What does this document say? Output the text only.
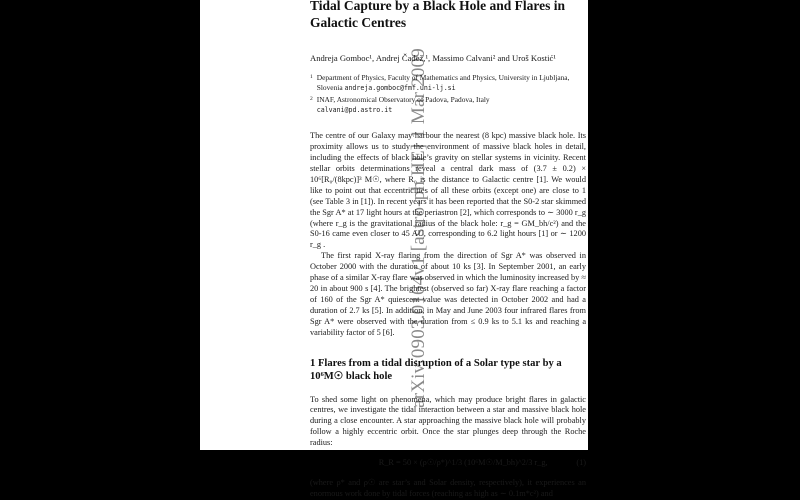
arXiv:0903.0164v1 [astro-ph.HE] 1 Mar 2009
Tidal Capture by a Black Hole and Flares in
Galactic Centres
Andreja Gomboc¹, Andrej Čadež,¹, Massimo Calvani² and Uroš Kostić¹
1 Department of Physics, Faculty of Mathematics and Physics, University in Ljubljana, Slovenia andreja.gomboc@fmf.uni-lj.si
2 INAF, Astronomical Observatory of Padova, Padova, Italy
calvani@pd.astro.it

The centre of our Galaxy may harbour the nearest (8 kpc) massive black hole. Its proximity allows us to study the environment of massive black holes in detail, including the effects of black hole’s gravity on stellar systems in vicinity. Recent stellar orbits determinations reveal a central dark mass of (3.7 ± 0.2) × 10⁶[R₀/(8kpc)]³ M☉, where R₀ is the distance to Galactic centre [1]. We would like to point out that eccentricities of all these orbits (except one) are close to 1 (see Table 3 in [1]). In recent years it has been reported that the S0-2 star skimmed the Sgr A* at 17 light hours at the periastron [2], which corresponds to ∼ 3000 r_g (where r_g is the gravitational radius of the black hole: r_g = GM_bh/c²) and the S0-16 came even closer to 45 AU, corresponding to 6.2 light hours [1] or ∼ 1200 r_g .

The first rapid X-ray flaring from the direction of Sgr A* was observed in October 2000 with the duration of about 10 ks [3]. In September 2001, an early phase of a similar X-ray flare was observed in which the luminosity increased by ≈ 20 in about 900 s [4]. The brightest (observed so far) X-ray flare reaching a factor of 160 of the Sgr A* quiescent value was detected in October 2002 and had a duration of 2.7 ks [5]. In addition, in May and June 2003 four infrared flares from Sgr A* were observed with the duration from ≤ 0.9 ks to 5.1 ks and reaching a variability factor of 5 [6].

1 Flares from a tidal disruption of a Solar type star by a
10⁶M☉ black hole

To shed some light on phenomena, which may produce bright flares in galactic centres, we investigate the tidal interaction between a star and massive black hole during a close encounter. A star approaching the massive black hole will probably follow a highly eccentric orbit. Once the star plunges deep through the Roche radius:

R_R = 50 × (ρ☉/ρ*)^1/3 (10⁶M☉/M_bh)^2/3 r_g,	(1)

(where ρ* and ρ☉ are star’s and Solar density, respectively), it experiences an enormous work done by tidal forces (reaching as high as ∼ 0.1m*c²) and
